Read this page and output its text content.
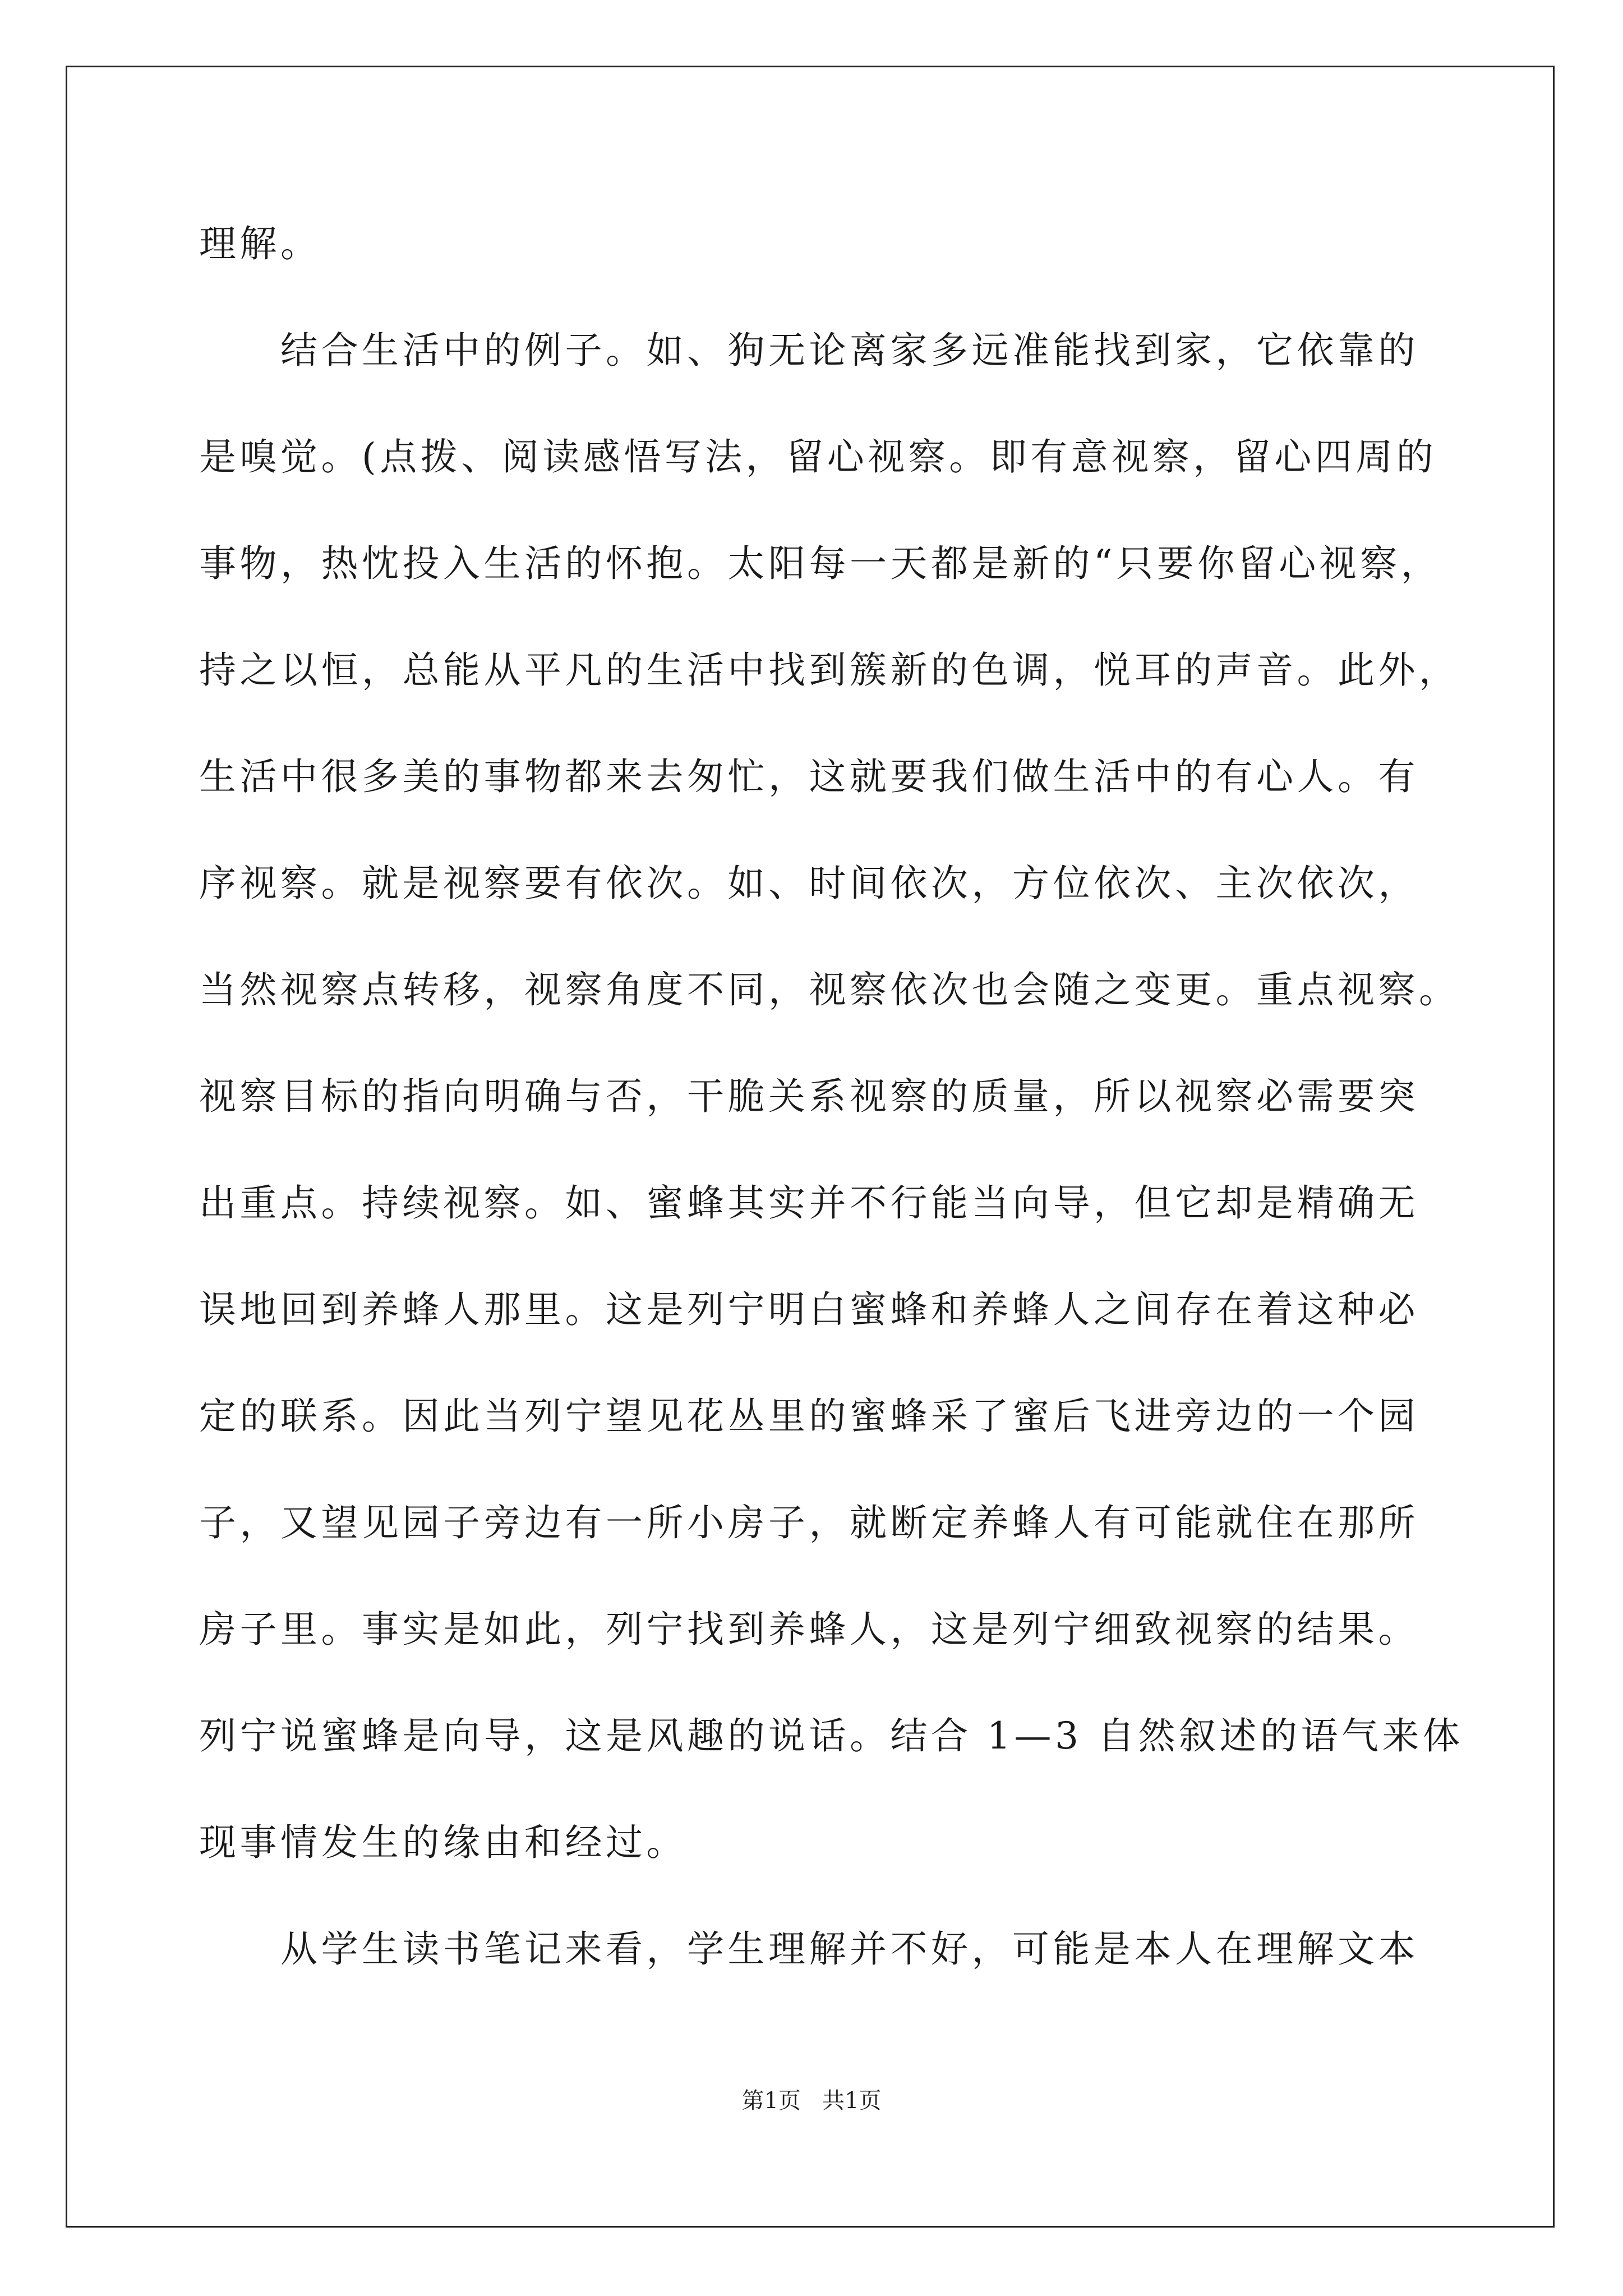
理解。
结合生活中的例子。如、狗无论离家多远准能找到家，它依靠的
是嗅觉。(点拨、阅读感悟写法，留心视察。即有意视察，留心四周的
事物，热忱投入生活的怀抱。太阳每一天都是新的“只要你留心视察，
持之以恒，总能从平凡的生活中找到簇新的色调，悦耳的声音。此外，
生活中很多美的事物都来去匆忙，这就要我们做生活中的有心人。有
序视察。就是视察要有依次。如、时间依次，方位依次、主次依次，
当然视察点转移，视察角度不同，视察依次也会随之变更。重点视察。
视察目标的指向明确与否，干脆关系视察的质量，所以视察必需要突
出重点。持续视察。如、蜜蜂其实并不行能当向导，但它却是精确无
误地回到养蜂人那里。这是列宁明白蜜蜂和养蜂人之间存在着这种必
定的联系。因此当列宁望见花丛里的蜜蜂采了蜜后飞进旁边的一个园
子，又望见园子旁边有一所小房子，就断定养蜂人有可能就住在那所
房子里。事实是如此，列宁找到养蜂人，这是列宁细致视察的结果。
列宁说蜜蜂是向导，这是风趣的说话。结合 1—3 自然叙述的语气来体
现事情发生的缘由和经过。
从学生读书笔记来看，学生理解并不好，可能是本人在理解文本
第1页   共1页
